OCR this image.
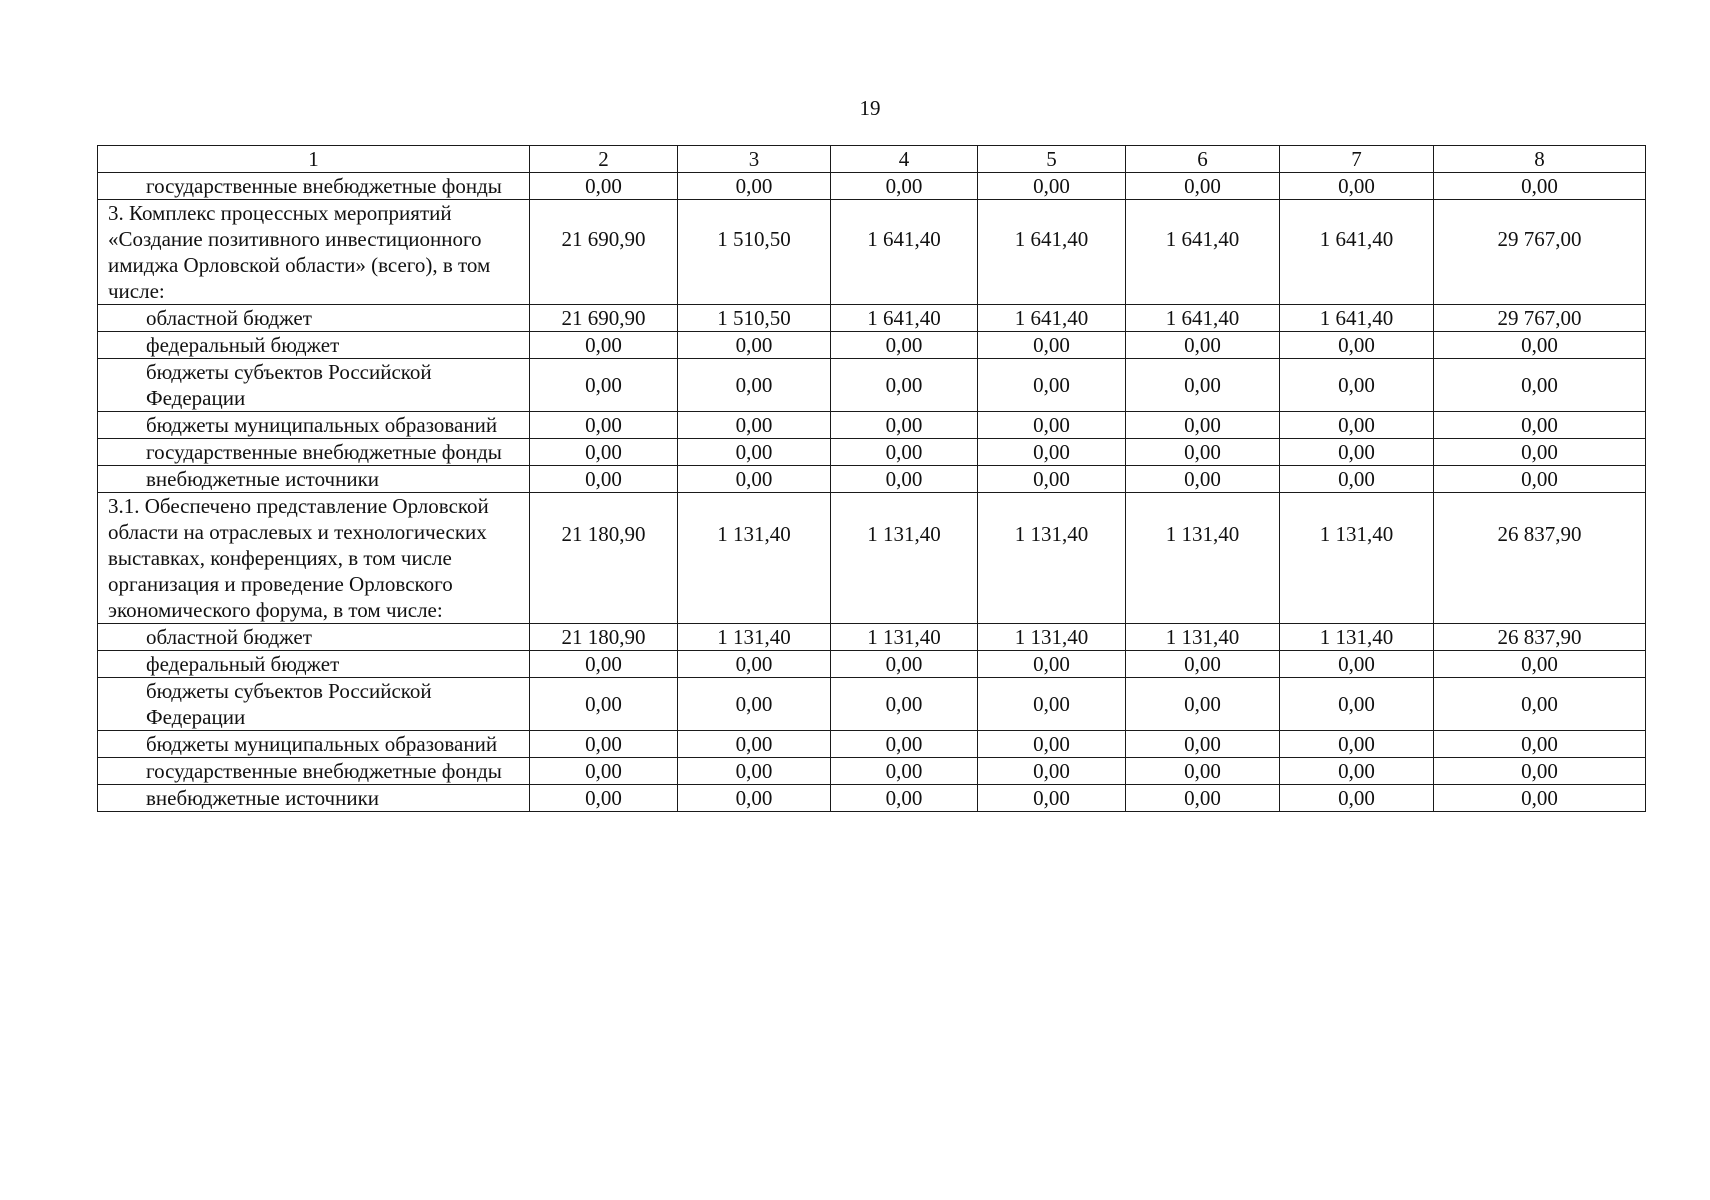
19
1	2	3	4	5	6	7	8
государственные внебюджетные фонды	0,00	0,00	0,00	0,00	0,00	0,00	0,00
3. Комплекс процессных мероприятий «Создание позитивного инвестиционного имиджа Орловской области» (всего), в том числе:	21 690,90	1 510,50	1 641,40	1 641,40	1 641,40	1 641,40	29 767,00
областной бюджет	21 690,90	1 510,50	1 641,40	1 641,40	1 641,40	1 641,40	29 767,00
федеральный бюджет	0,00	0,00	0,00	0,00	0,00	0,00	0,00
бюджеты субъектов Российской Федерации	0,00	0,00	0,00	0,00	0,00	0,00	0,00
бюджеты муниципальных образований	0,00	0,00	0,00	0,00	0,00	0,00	0,00
государственные внебюджетные фонды	0,00	0,00	0,00	0,00	0,00	0,00	0,00
внебюджетные источники	0,00	0,00	0,00	0,00	0,00	0,00	0,00
3.1. Обеспечено представление Орловской области на отраслевых и технологических выставках, конференциях, в том числе организация и проведение Орловского экономического форума, в том числе:	21 180,90	1 131,40	1 131,40	1 131,40	1 131,40	1 131,40	26 837,90
областной бюджет	21 180,90	1 131,40	1 131,40	1 131,40	1 131,40	1 131,40	26 837,90
федеральный бюджет	0,00	0,00	0,00	0,00	0,00	0,00	0,00
бюджеты субъектов Российской Федерации	0,00	0,00	0,00	0,00	0,00	0,00	0,00
бюджеты муниципальных образований	0,00	0,00	0,00	0,00	0,00	0,00	0,00
государственные внебюджетные фонды	0,00	0,00	0,00	0,00	0,00	0,00	0,00
внебюджетные источники	0,00	0,00	0,00	0,00	0,00	0,00	0,00
